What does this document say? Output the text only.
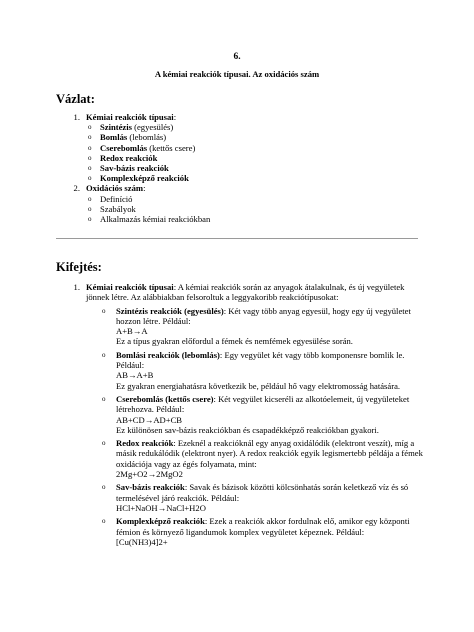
6.
A kémiai reakciók típusai. Az oxidációs szám
Vázlat:
1. Kémiai reakciók típusai:
o Szintézis (egyesülés)
o Bomlás (lebomlás)
o Cserebomlás (kettős csere)
o Redox reakciók
o Sav-bázis reakciók
o Komplexképző reakciók
2. Oxidációs szám:
o Definíció
o Szabályok
o Alkalmazás kémiai reakciókban
Kifejtés:
1. Kémiai reakciók típusai: A kémiai reakciók során az anyagok átalakulnak, és új vegyületek jönnek létre. Az alábbiakban felsoroltuk a leggyakoribb reakciótípusokat:
o Szintézis reakciók (egyesülés): Két vagy több anyag egyesül, hogy egy új vegyületet hozzon létre. Például:
A+B→A
Ez a típus gyakran előfordul a fémek és nemfémek egyesülése során.
o Bomlási reakciók (lebomlás): Egy vegyület két vagy több komponensre bomlik le. Például:
AB→A+B
Ez gyakran energiahatásra következik be, például hő vagy elektromosság hatására.
o Cserebomlás (kettős csere): Két vegyület kicseréli az alkotóelemeit, új vegyületeket létrehozva. Például:
AB+CD→AD+CB
Ez különösen sav-bázis reakciókban és csapadékképző reakciókban gyakori.
o Redox reakciók: Ezeknél a reakcióknál egy anyag oxidálódik (elektront veszít), míg a másik redukálódik (elektront nyer). A redox reakciók egyik legismertebb példája a fémek oxidációja vagy az égés folyamata, mint:
2Mg+O2→2MgO2
o Sav-bázis reakciók: Savak és bázisok közötti kölcsönhatás során keletkező víz és só termelésével járó reakciók. Például:
HCl+NaOH→NaCl+H2O
o Komplexképző reakciók: Ezek a reakciók akkor fordulnak elő, amikor egy központi fémion és környező ligandumok komplex vegyületet képeznek. Például:
[Cu(NH3)4]2+
